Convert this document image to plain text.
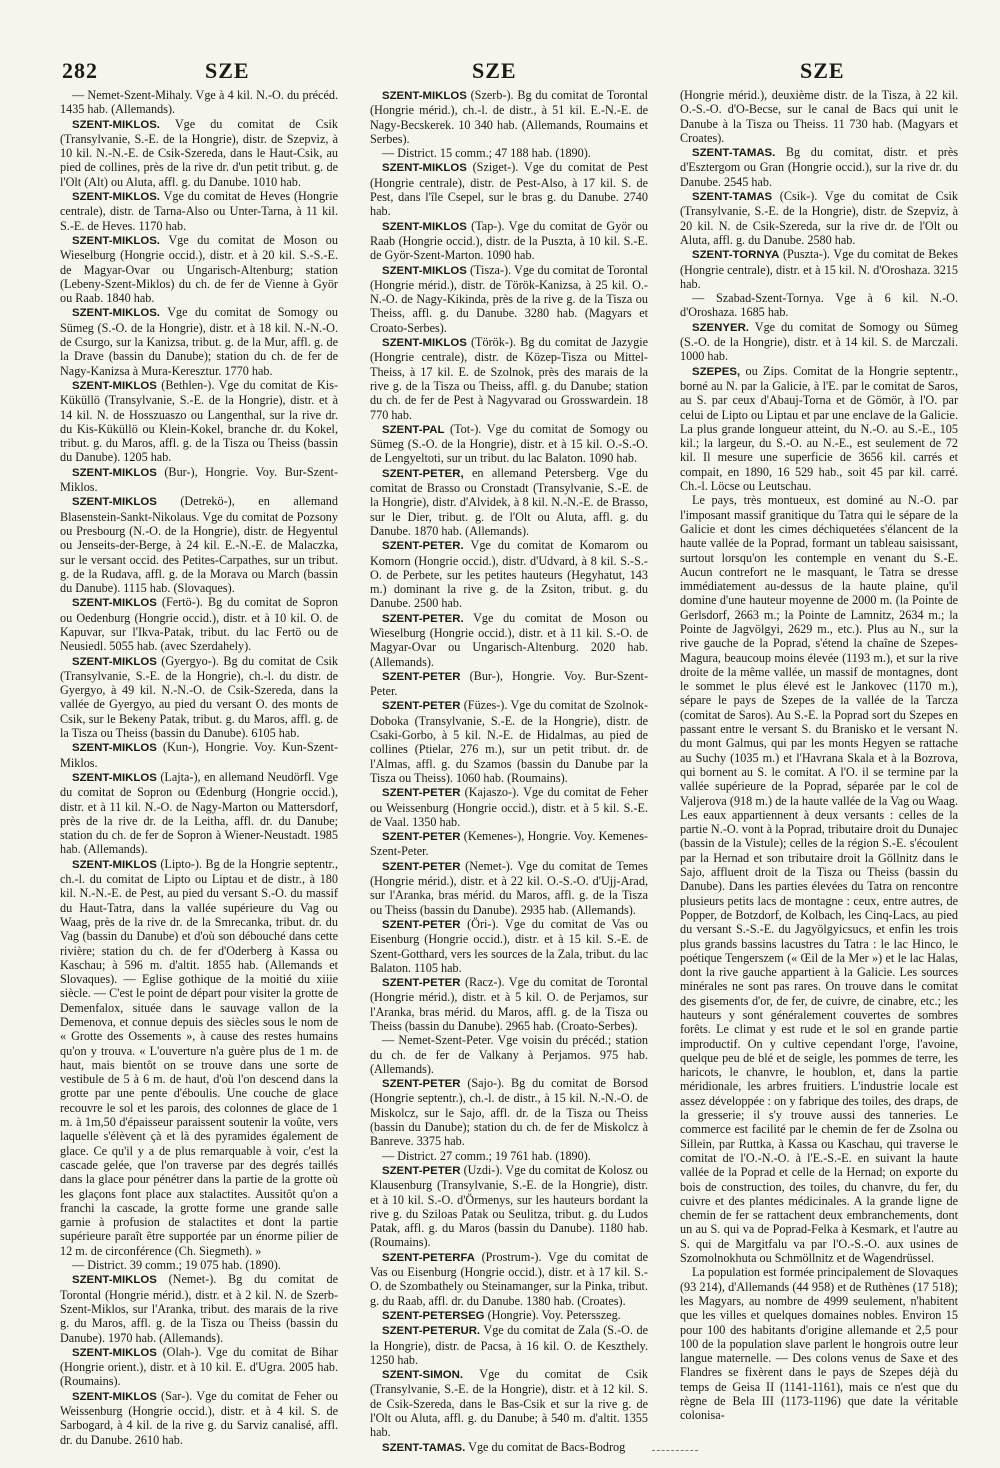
282	SZE	SZE	SZE

— Nemet-Szent-Mihaly. Vge à 4 kil. N.-O. du précéd. 1435 hab. (Allemands).

SZENT-MIKLOS. Vge du comitat de Csik (Transylvanie, S.-E. de la Hongrie), distr. de Szepviz, à 10 kil. N.-N.-E. de Csik-Szereda, dans le Haut-Csik, au pied de collines, près de la rive dr. d'un petit tribut. g. de l'Olt (Alt) ou Aluta, affl. g. du Danube. 1010 hab.

SZENT-MIKLOS. Vge du comitat de Heves (Hongrie centrale), distr. de Tarna-Also ou Unter-Tarna, à 11 kil. S.-E. de Heves. 1170 hab.

SZENT-MIKLOS. Vge du comitat de Moson ou Wieselburg (Hongrie occid.), distr. et à 20 kil. S.-S.-E. de Magyar-Ovar ou Ungarisch-Altenburg; station (Lebeny-Szent-Miklos) du ch. de fer de Vienne à Györ ou Raab. 1840 hab.

SZENT-MIKLOS. Vge du comitat de Somogy ou Sümeg (S.-O. de la Hongrie), distr. et à 18 kil. N.-N.-O. de Csurgo, sur la Kanizsa, tribut. g. de la Mur, affl. g. de la Drave (bassin du Danube); station du ch. de fer de Nagy-Kanizsa à Mura-Keresztur. 1770 hab.

SZENT-MIKLOS (Bethlen-). Vge du comitat de Kis-Küküllö (Transylvanie, S.-E. de la Hongrie), distr. et à 14 kil. N. de Hosszuaszo ou Langenthal, sur la rive dr. du Kis-Küküllö ou Klein-Kokel, branche dr. du Kokel, tribut. g. du Maros, affl. g. de la Tisza ou Theiss (bassin du Danube). 1205 hab.

SZENT-MIKLOS (Bur-), Hongrie. Voy. Bur-Szent-Miklos.

SZENT-MIKLOS (Detrekö-), en allemand Blasenstein-Sankt-Nikolaus. Vge du comitat de Pozsony ou Presbourg (N.-O. de la Hongrie), distr. de Hegyentul ou Jenseits-der-Berge, à 24 kil. E.-N.-E. de Malaczka, sur le versant occid. des Petites-Carpathes, sur un tribut. g. de la Rudava, affl. g. de la Morava ou March (bassin du Danube). 1115 hab. (Slovaques).

SZENT-MIKLOS (Fertö-). Bg du comitat de Sopron ou Oedenburg (Hongrie occid.), distr. et à 10 kil. O. de Kapuvar, sur l'Ikva-Patak, tribut. du lac Fertö ou de Neusiedl. 5055 hab. (avec Szerdahely).

SZENT-MIKLOS (Gyergyo-). Bg du comitat de Csik (Transylvanie, S.-E. de la Hongrie), ch.-l. du distr. de Gyergyo, à 49 kil. N.-N.-O. de Csik-Szereda, dans la vallée de Gyergyo, au pied du versant O. des monts de Csik, sur le Bekeny Patak, tribut. g. du Maros, affl. g. de la Tisza ou Theiss (bassin du Danube). 6105 hab.

SZENT-MIKLOS (Kun-), Hongrie. Voy. Kun-Szent-Miklos.

SZENT-MIKLOS (Lajta-), en allemand Neudörfl. Vge du comitat de Sopron ou Œdenburg (Hongrie occid.), distr. et à 11 kil. N.-O. de Nagy-Marton ou Mattersdorf, près de la rive dr. de la Leitha, affl. dr. du Danube; station du ch. de fer de Sopron à Wiener-Neustadt. 1985 hab. (Allemands).

SZENT-MIKLOS (Lipto-). Bg de la Hongrie septentr., ch.-l. du comitat de Lipto ou Liptau et de distr., à 180 kil. N.-N.-E. de Pest, au pied du versant S.-O. du massif du Haut-Tatra, dans la vallée supérieure du Vag ou Waag, près de la rive dr. de la Smrecanka, tribut. dr. du Vag (bassin du Danube) et d'où son débouché dans cette rivière; station du ch. de fer d'Oderberg à Kassa ou Kaschau; à 596 m. d'altit. 1855 hab. (Allemands et Slovaques). — Eglise gothique de la moitié du xiiie siècle. — C'est le point de départ pour visiter la grotte de Demenfalox, située dans le sauvage vallon de la Demenova, et connue depuis des siècles sous le nom de « Grotte des Ossements », à cause des restes humains qu'on y trouva. « L'ouverture n'a guère plus de 1 m. de haut, mais bientôt on se trouve dans une sorte de vestibule de 5 à 6 m. de haut, d'où l'on descend dans la grotte par une pente d'éboulis. Une couche de glace recouvre le sol et les parois, des colonnes de glace de 1 m. à 1m,50 d'épaisseur paraissent soutenir la voûte, vers laquelle s'élèvent çà et là des pyramides également de glace. Ce qu'il y a de plus remarquable à voir, c'est la cascade gelée, que l'on traverse par des degrés taillés dans la glace pour pénétrer dans la partie de la grotte où les glaçons font place aux stalactites. Aussitôt qu'on a franchi la cascade, la grotte forme une grande salle garnie à profusion de stalactites et dont la partie supérieure paraît être supportée par un énorme pilier de 12 m. de circonférence (Ch. Siegmeth). »

— District. 39 comm.; 19 075 hab. (1890).

SZENT-MIKLOS (Nemet-). Bg du comitat de Torontal (Hongrie mérid.), distr. et à 2 kil. N. de Szerb-Szent-Miklos, sur l'Aranka, tribut. des marais de la rive g. du Maros, affl. g. de la Tisza ou Theiss (bassin du Danube). 1970 hab. (Allemands).

SZENT-MIKLOS (Olah-). Vge du comitat de Bihar (Hongrie orient.), distr. et à 10 kil. E. d'Ugra. 2005 hab. (Roumains).

SZENT-MIKLOS (Sar-). Vge du comitat de Feher ou Weissenburg (Hongrie occid.), distr. et à 4 kil. S. de Sarbogard, à 4 kil. de la rive g. du Sarviz canalisé, affl. dr. du Danube. 2610 hab.

SZENT-MIKLOS (Szerb-). Bg du comitat de Torontal (Hongrie mérid.), ch.-l. de distr., à 51 kil. E.-N.-E. de Nagy-Becskerek. 10 340 hab. (Allemands, Roumains et Serbes).

— District. 15 comm.; 47 188 hab. (1890).

SZENT-MIKLOS (Sziget-). Vge du comitat de Pest (Hongrie centrale), distr. de Pest-Also, à 17 kil. S. de Pest, dans l'île Csepel, sur le bras g. du Danube. 2740 hab.

SZENT-MIKLOS (Tap-). Vge du comitat de Györ ou Raab (Hongrie occid.), distr. de la Puszta, à 10 kil. S.-E. de Györ-Szent-Marton. 1090 hab.

SZENT-MIKLOS (Tisza-). Vge du comitat de Torontal (Hongrie mérid.), distr. de Török-Kanizsa, à 25 kil. O.-N.-O. de Nagy-Kikinda, près de la rive g. de la Tisza ou Theiss, affl. g. du Danube. 3280 hab. (Magyars et Croato-Serbes).

SZENT-MIKLOS (Török-). Bg du comitat de Jazygie (Hongrie centrale), distr. de Közep-Tisza ou Mittel-Theiss, à 17 kil. E. de Szolnok, près des marais de la rive g. de la Tisza ou Theiss, affl. g. du Danube; station du ch. de fer de Pest à Nagyvarad ou Grosswardein. 18 770 hab.

SZENT-PAL (Tot-). Vge du comitat de Somogy ou Sümeg (S.-O. de la Hongrie), distr. et à 15 kil. O.-S.-O. de Lengyeltoti, sur un tribut. du lac Balaton. 1090 hab.

SZENT-PETER, en allemand Petersberg. Vge du comitat de Brasso ou Cronstadt (Transylvanie, S.-E. de la Hongrie), distr. d'Alvidek, à 8 kil. N.-N.-E. de Brasso, sur le Dier, tribut. g. de l'Olt ou Aluta, affl. g. du Danube. 1870 hab. (Allemands).

SZENT-PETER. Vge du comitat de Komarom ou Komorn (Hongrie occid.), distr. d'Udvard, à 8 kil. S.-S.-O. de Perbete, sur les petites hauteurs (Hegyhatut, 143 m.) dominant la rive g. de la Zsiton, tribut. g. du Danube. 2500 hab.

SZENT-PETER. Vge du comitat de Moson ou Wieselburg (Hongrie occid.), distr. et à 11 kil. S.-O. de Magyar-Ovar ou Ungarisch-Altenburg. 2020 hab. (Allemands).

SZENT-PETER (Bur-), Hongrie. Voy. Bur-Szent-Peter.

SZENT-PETER (Füzes-). Vge du comitat de Szolnok-Doboka (Transylvanie, S.-E. de la Hongrie), distr. de Csaki-Gorbo, à 5 kil. N.-E. de Hidalmas, au pied de collines (Ptielar, 276 m.), sur un petit tribut. dr. de l'Almas, affl. g. du Szamos (bassin du Danube par la Tisza ou Theiss). 1060 hab. (Roumains).

SZENT-PETER (Kajaszo-). Vge du comitat de Feher ou Weissenburg (Hongrie occid.), distr. et à 5 kil. S.-E. de Vaal. 1350 hab.

SZENT-PETER (Kemenes-), Hongrie. Voy. Kemenes-Szent-Peter.

SZENT-PETER (Nemet-). Vge du comitat de Temes (Hongrie mérid.), distr. et à 22 kil. O.-S.-O. d'Ujj-Arad, sur l'Aranka, bras mérid. du Maros, affl. g. de la Tisza ou Theiss (bassin du Danube). 2935 hab. (Allemands).

SZENT-PETER (Öri-). Vge du comitat de Vas ou Eisenburg (Hongrie occid.), distr. et à 15 kil. S.-E. de Szent-Gotthard, vers les sources de la Zala, tribut. du lac Balaton. 1105 hab.

SZENT-PETER (Racz-). Vge du comitat de Torontal (Hongrie mérid.), distr. et à 5 kil. O. de Perjamos, sur l'Aranka, bras mérid. du Maros, affl. g. de la Tisza ou Theiss (bassin du Danube). 2965 hab. (Croato-Serbes).

— Nemet-Szent-Peter. Vge voisin du précéd.; station du ch. de fer de Valkany à Perjamos. 975 hab. (Allemands).

SZENT-PETER (Sajo-). Bg du comitat de Borsod (Hongrie septentr.), ch.-l. de distr., à 15 kil. N.-N.-O. de Miskolcz, sur le Sajo, affl. dr. de la Tisza ou Theiss (bassin du Danube); station du ch. de fer de Miskolcz à Banreve. 3375 hab.

— District. 27 comm.; 19 761 hab. (1890).

SZENT-PETER (Uzdi-). Vge du comitat de Kolosz ou Klausenburg (Transylvanie, S.-E. de la Hongrie), distr. et à 10 kil. S.-O. d'Örmenys, sur les hauteurs bordant la rive g. du Sziloas Patak ou Seulitza, tribut. g. du Ludos Patak, affl. g. du Maros (bassin du Danube). 1180 hab. (Roumains).

SZENT-PETERFA (Prostrum-). Vge du comitat de Vas ou Eisenburg (Hongrie occid.), distr. et à 17 kil. S.-O. de Szombathely ou Steinamanger, sur la Pinka, tribut. g. du Raab, affl. dr. du Danube. 1380 hab. (Croates).

SZENT-PETERSEG (Hongrie). Voy. Petersszeg.

SZENT-PETERUR. Vge du comitat de Zala (S.-O. de la Hongrie), distr. de Pacsa, à 16 kil. O. de Keszthely. 1250 hab.

SZENT-SIMON. Vge du comitat de Csik (Transylvanie, S.-E. de la Hongrie), distr. et à 12 kil. S. de Csik-Szereda, dans le Bas-Csik et sur la rive g. de l'Olt ou Aluta, affl. g. du Danube; à 540 m. d'altit. 1355 hab.

SZENT-TAMAS. Vge du comitat de Bacs-Bodrog

(Hongrie mérid.), deuxième distr. de la Tisza, à 22 kil. O.-S.-O. d'O-Becse, sur le canal de Bacs qui unit le Danube à la Tisza ou Theiss. 11 730 hab. (Magyars et Croates).

SZENT-TAMAS. Bg du comitat, distr. et près d'Esztergom ou Gran (Hongrie occid.), sur la rive dr. du Danube. 2545 hab.

SZENT-TAMAS (Csik-). Vge du comitat de Csik (Transylvanie, S.-E. de la Hongrie), distr. de Szepviz, à 20 kil. N. de Csik-Szereda, sur la rive dr. de l'Olt ou Aluta, affl. g. du Danube. 2580 hab.

SZENT-TORNYA (Puszta-). Vge du comitat de Bekes (Hongrie centrale), distr. et à 15 kil. N. d'Oroshaza. 3215 hab.

— Szabad-Szent-Tornya. Vge à 6 kil. N.-O. d'Oroshaza. 1685 hab.

SZENYER. Vge du comitat de Somogy ou Sümeg (S.-O. de la Hongrie), distr. et à 14 kil. S. de Marczali. 1000 hab.

SZEPES, ou Zips. Comitat de la Hongrie septentr., borné au N. par la Galicie, à l'E. par le comitat de Saros, au S. par ceux d'Abauj-Torna et de Gömör, à l'O. par celui de Lipto ou Liptau et par une enclave de la Galicie. La plus grande longueur atteint, du N.-O. au S.-E., 105 kil.; la largeur, du S.-O. au N.-E., est seulement de 72 kil. Il mesure une superficie de 3656 kil. carrés et compait, en 1890, 16 529 hab., soit 45 par kil. carré. Ch.-l. Löcse ou Leutschau.

Le pays, très montueux, est dominé au N.-O. par l'imposant massif granitique du Tatra qui le sépare de la Galicie et dont les cimes déchiquetées s'élancent de la haute vallée de la Poprad, formant un tableau saisissant, surtout lorsqu'on les contemple en venant du S.-E. Aucun contrefort ne le masquant, le Tatra se dresse immédiatement au-dessus de la haute plaine, qu'il domine d'une hauteur moyenne de 2000 m. (la Pointe de Gerlsdorf, 2663 m.; la Pointe de Lamnitz, 2634 m.; la Pointe de Jagvölgyi, 2629 m., etc.). Plus au N., sur la rive gauche de la Poprad, s'étend la chaîne de Szepes-Magura, beaucoup moins élevée (1193 m.), et sur la rive droite de la même vallée, un massif de montagnes, dont le sommet le plus élevé est le Jankovec (1170 m.), sépare le pays de Szepes de la vallée de la Tarcza (comitat de Saros). Au S.-E. la Poprad sort du Szepes en passant entre le versant S. du Branisko et le versant N. du mont Galmus, qui par les monts Hegyen se rattache au Suchy (1035 m.) et l'Havrana Skala et à la Bozrova, qui bornent au S. le comitat. A l'O. il se termine par la vallée supérieure de la Poprad, séparée par le col de Valjerova (918 m.) de la haute vallée de la Vag ou Waag. Les eaux appartiennent à deux versants : celles de la partie N.-O. vont à la Poprad, tributaire droit du Dunajec (bassin de la Vistule); celles de la région S.-E. s'écoulent par la Hernad et son tributaire droit la Göllnitz dans le Sajo, affluent droit de la Tisza ou Theiss (bassin du Danube). Dans les parties élevées du Tatra on rencontre plusieurs petits lacs de montagne : ceux, entre autres, de Popper, de Botzdorf, de Kolbach, les Cinq-Lacs, au pied du versant S.-S.-E. du Jagyölgyicsucs, et enfin les trois plus grands bassins lacustres du Tatra : le lac Hinco, le poétique Tengerszem (« Œil de la Mer ») et le lac Halas, dont la rive gauche appartient à la Galicie. Les sources minérales ne sont pas rares. On trouve dans le comitat des gisements d'or, de fer, de cuivre, de cinabre, etc.; les hauteurs y sont généralement couvertes de sombres forêts. Le climat y est rude et le sol en grande partie improductif. On y cultive cependant l'orge, l'avoine, quelque peu de blé et de seigle, les pommes de terre, les haricots, le chanvre, le houblon, et, dans la partie méridionale, les arbres fruitiers. L'industrie locale est assez développée : on y fabrique des toiles, des draps, de la gresserie; il s'y trouve aussi des tanneries. Le commerce est facilité par le chemin de fer de Zsolna ou Sillein, par Ruttka, à Kassa ou Kaschau, qui traverse le comitat de l'O.-N.-O. à l'E.-S.-E. en suivant la haute vallée de la Poprad et celle de la Hernad; on exporte du bois de construction, des toiles, du chanvre, du fer, du cuivre et des plantes médicinales. A la grande ligne de chemin de fer se rattachent deux embranchements, dont un au S. qui va de Poprad-Felka à Kesmark, et l'autre au S. qui de Margitfalu va par l'O.-S.-O. aux usines de Szomolnokhuta ou Schmöllnitz et de Wagendrüssel.

La population est formée principalement de Slovaques (93 214), d'Allemands (44 958) et de Ruthènes (17 518); les Magyars, au nombre de 4999 seulement, n'habitent que les villes et quelques domaines nobles. Environ 15 pour 100 des habitants d'origine allemande et 2,5 pour 100 de la population slave parlent le hongrois outre leur langue maternelle. — Des colons venus de Saxe et des Flandres se fixèrent dans le pays de Szepes déjà du temps de Geisa II (1141-1161), mais ce n'est que du règne de Bela III (1173-1196) que date la véritable colonisa-
